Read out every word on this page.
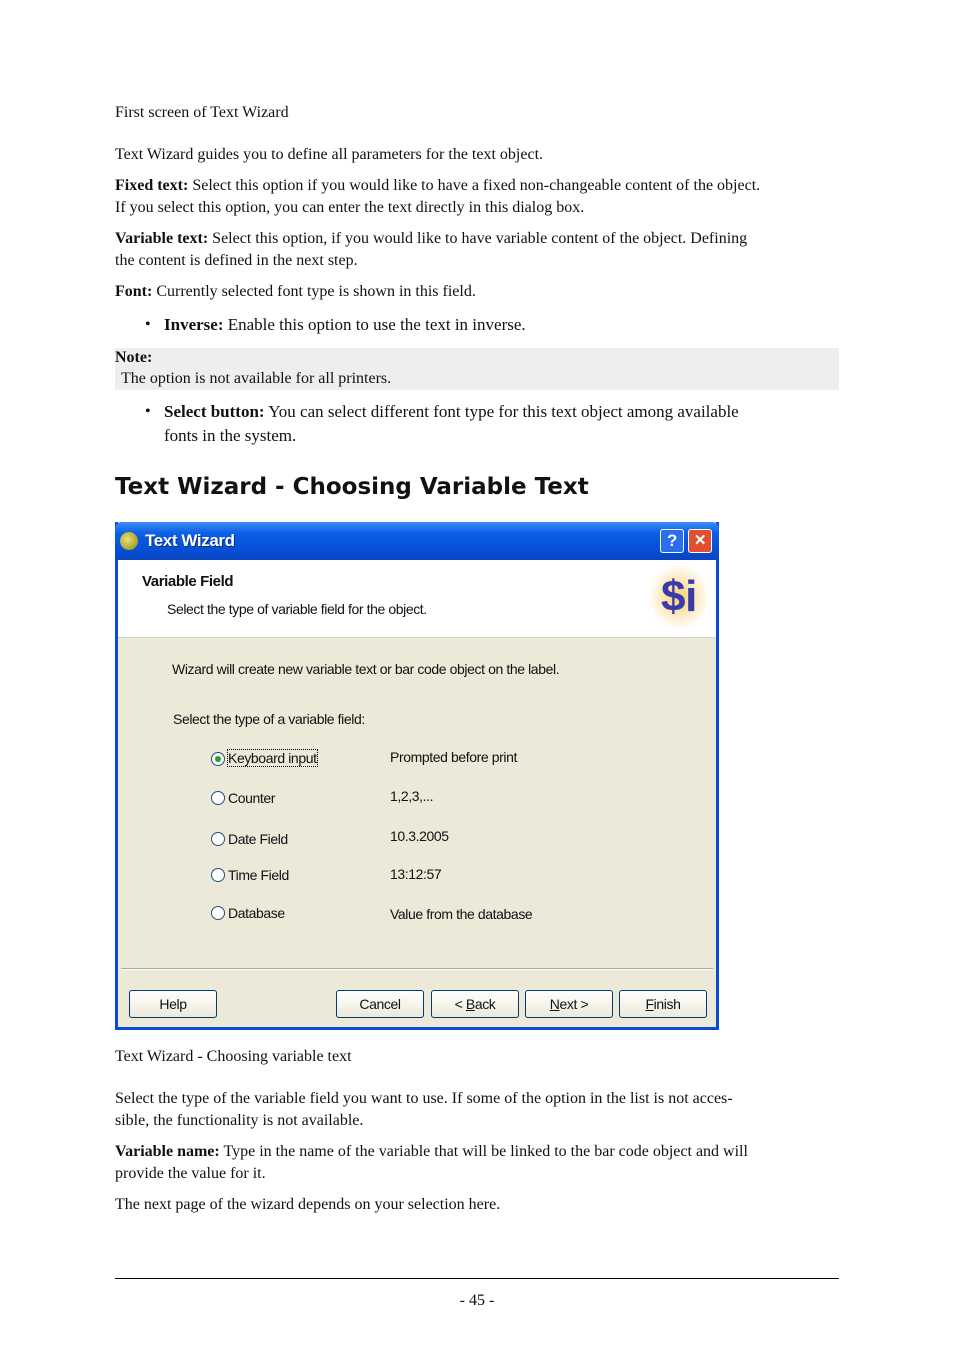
First screen of Text Wizard
Text Wizard guides you to define all parameters for the text object.
Fixed text: Select this option if you would like to have a fixed non-changeable content of the object.
If you select this option, you can enter the text directly in this dialog box.
Variable text: Select this option, if you would like to have variable content of the object. Defining
the content is defined in the next step.
Font: Currently selected font type is shown in this field.
• Inverse: Enable this option to use the text in inverse.
Note:
The option is not available for all printers.
• Select button: You can select different font type for this text object among available
fonts in the system.
Text Wizard - Choosing Variable Text
Text Wizard	?	✕
Variable Field
Select the type of variable field for the object.	$i
Wizard will create new variable text or bar code object on the label.
Select the type of a variable field:
Keyboard input	Prompted before print
Counter	1,2,3,...
Date Field	10.3.2005
Time Field	13:12:57
Database	Value from the database
Help	Cancel	< Back	Next >	Finish
Text Wizard - Choosing variable text
Select the type of the variable field you want to use. If some of the option in the list is not acces-
sible, the functionality is not available.
Variable name: Type in the name of the variable that will be linked to the bar code object and will
provide the value for it.
The next page of the wizard depends on your selection here.
- 45 -
